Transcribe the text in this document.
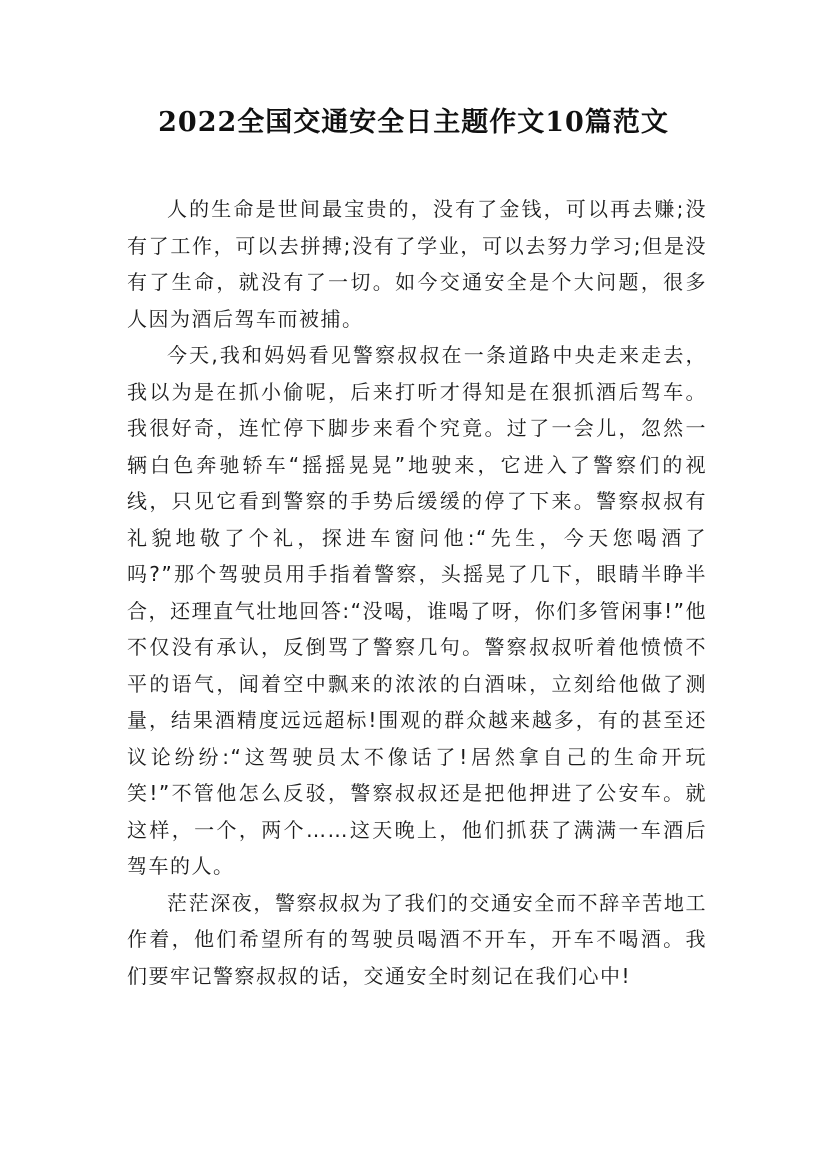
2022全国交通安全日主题作文10篇范文

人的生命是世间最宝贵的，没有了金钱，可以再去赚;没有了工作，可以去拼搏;没有了学业，可以去努力学习;但是没有了生命，就没有了一切。如今交通安全是个大问题，很多人因为酒后驾车而被捕。

今天,我和妈妈看见警察叔叔在一条道路中央走来走去，我以为是在抓小偷呢，后来打听才得知是在狠抓酒后驾车。我很好奇，连忙停下脚步来看个究竟。过了一会儿，忽然一辆白色奔驰轿车“摇摇晃晃”地驶来，它进入了警察们的视线，只见它看到警察的手势后缓缓的停了下来。警察叔叔有礼貌地敬了个礼，探进车窗问他:“先生，今天您喝酒了吗?”那个驾驶员用手指着警察，头摇晃了几下，眼睛半睁半合，还理直气壮地回答:“没喝，谁喝了呀，你们多管闲事!”他不仅没有承认，反倒骂了警察几句。警察叔叔听着他愤愤不平的语气，闻着空中飘来的浓浓的白酒味，立刻给他做了测量，结果酒精度远远超标!围观的群众越来越多，有的甚至还议论纷纷:“这驾驶员太不像话了!居然拿自己的生命开玩笑!”不管他怎么反驳，警察叔叔还是把他押进了公安车。就这样，一个，两个……这天晚上，他们抓获了满满一车酒后驾车的人。

茫茫深夜，警察叔叔为了我们的交通安全而不辞辛苦地工作着，他们希望所有的驾驶员喝酒不开车，开车不喝酒。我们要牢记警察叔叔的话，交通安全时刻记在我们心中!
